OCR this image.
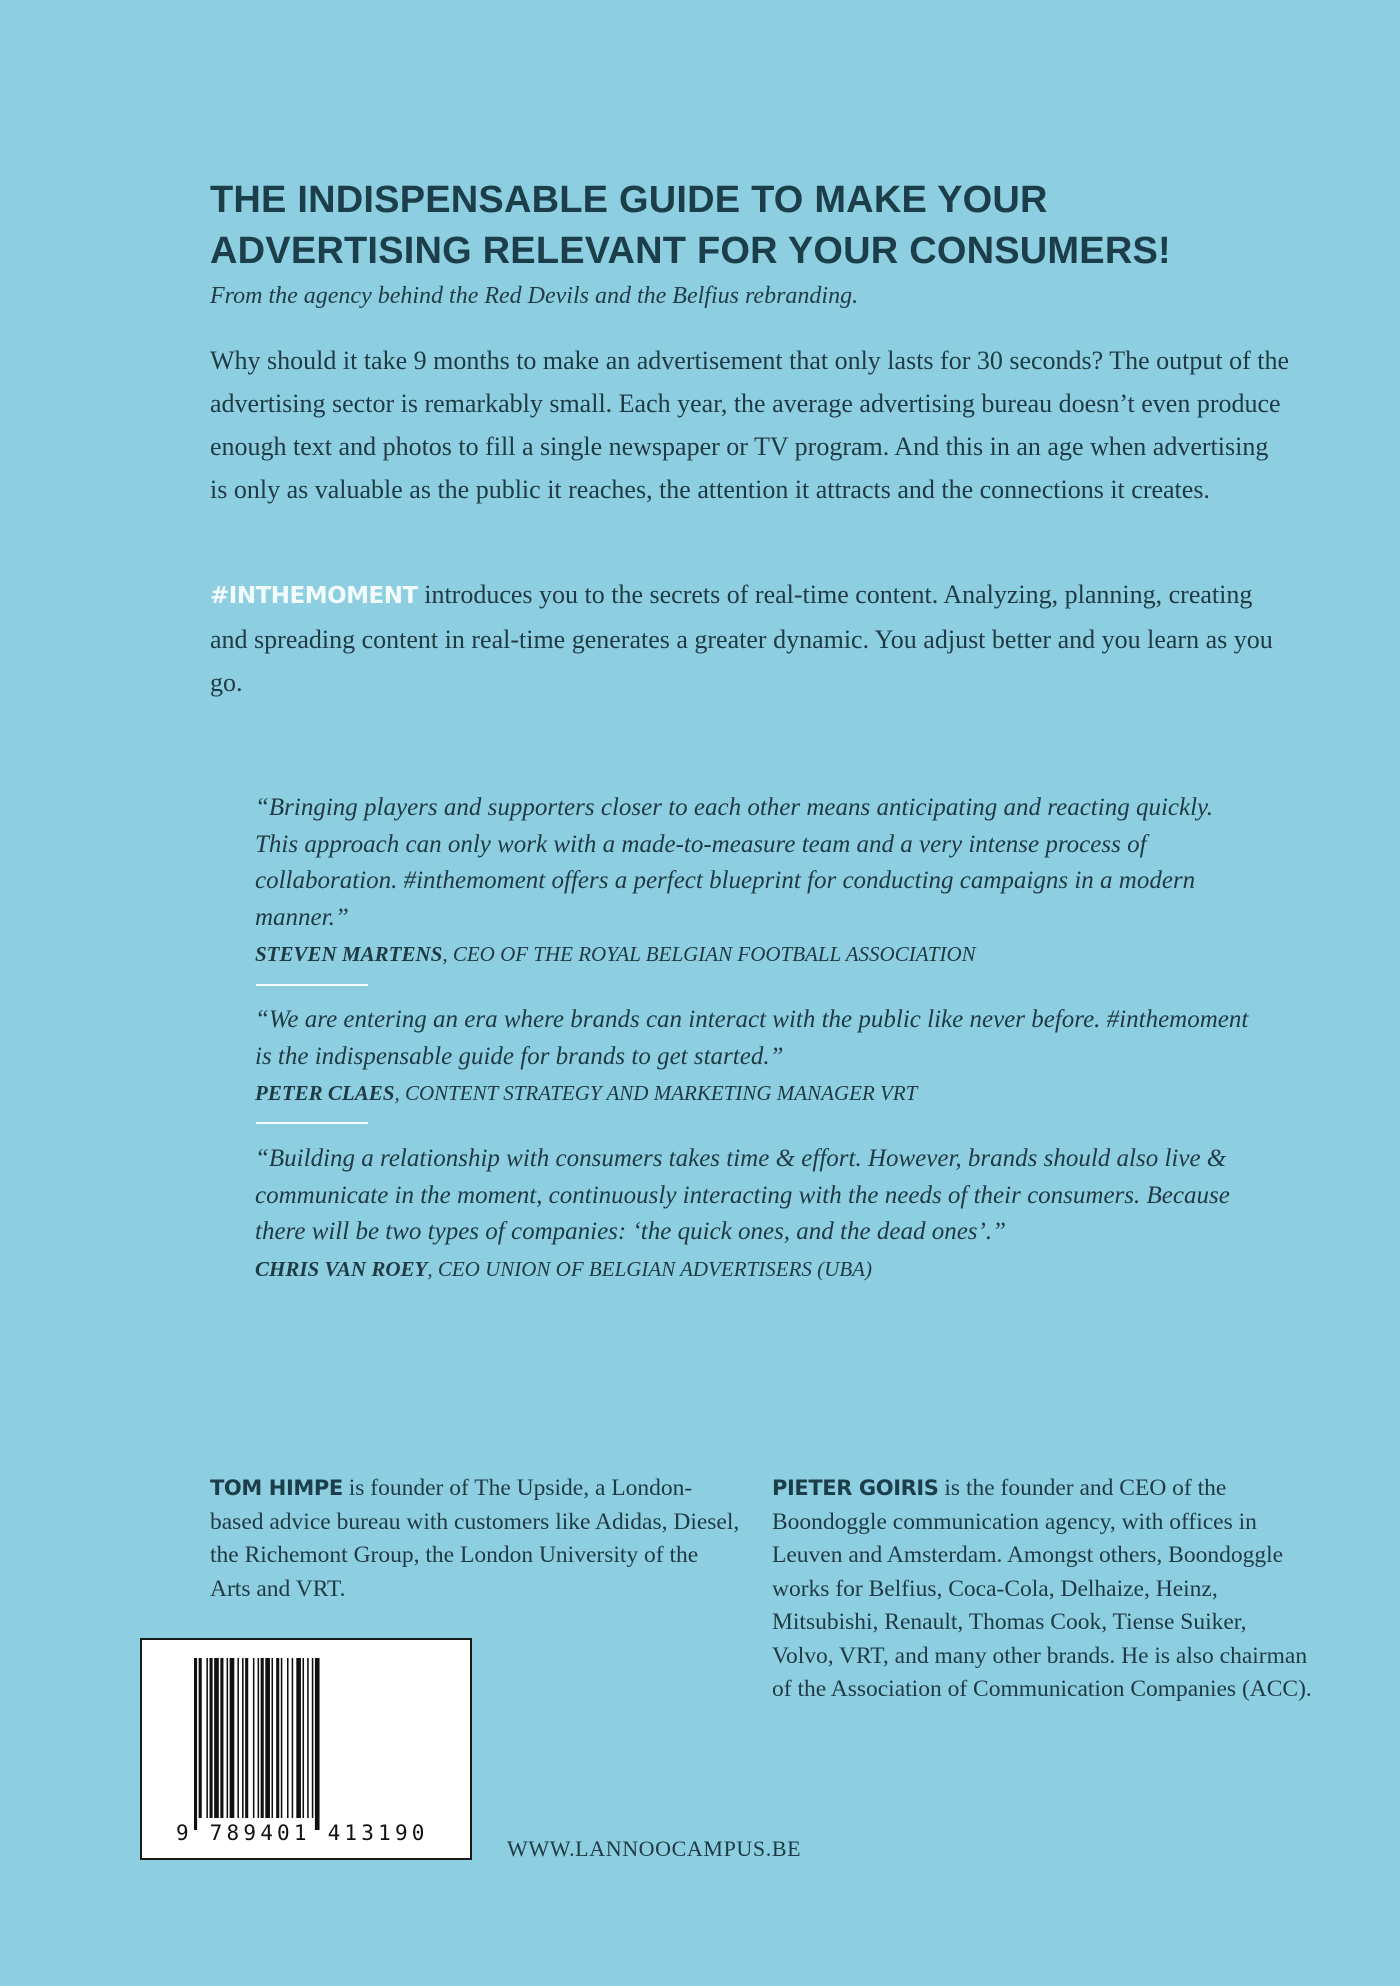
THE INDISPENSABLE GUIDE TO MAKE YOUR
ADVERTISING RELEVANT FOR YOUR CONSUMERS!

From the agency behind the Red Devils and the Belfius rebranding.

Why should it take 9 months to make an advertisement that only lasts for 30 seconds? The output of the advertising sector is remarkably small. Each year, the average advertising bureau doesn’t even produce enough text and photos to fill a single newspaper or TV program. And this in an age when advertising is only as valuable as the public it reaches, the attention it attracts and the connections it creates.

#INTHEMOMENT introduces you to the secrets of real-time content. Analyzing, planning, creating and spreading content in real-time generates a greater dynamic. You adjust better and you learn as you go.

“Bringing players and supporters closer to each other means anticipating and reacting quickly. This approach can only work with a made-to-measure team and a very intense process of collaboration. #inthemoment offers a perfect blueprint for conducting campaigns in a modern manner.”

STEVEN MARTENS, CEO OF THE ROYAL BELGIAN FOOTBALL ASSOCIATION

“We are entering an era where brands can interact with the public like never before. #inthemoment is the indispensable guide for brands to get started.”

PETER CLAES, CONTENT STRATEGY AND MARKETING MANAGER VRT

“Building a relationship with consumers takes time & effort. However, brands should also live & communicate in the moment, continuously interacting with the needs of their consumers. Because there will be two types of companies: ‘the quick ones, and the dead ones’.”

CHRIS VAN ROEY, CEO UNION OF BELGIAN ADVERTISERS (UBA)

TOM HIMPE is founder of The Upside, a London-based advice bureau with customers like Adidas, Diesel, the Richemont Group, the London University of the Arts and VRT.

PIETER GOIRIS is the founder and CEO of the Boondoggle communication agency, with offices in Leuven and Amsterdam. Amongst others, Boondoggle works for Belfius, Coca-Cola, Delhaize, Heinz, Mitsubishi, Renault, Thomas Cook, Tiense Suiker, Volvo, VRT, and many other brands. He is also chairman of the Association of Communication Companies (ACC).

9 789401 413190

WWW.LANNOOCAMPUS.BE
